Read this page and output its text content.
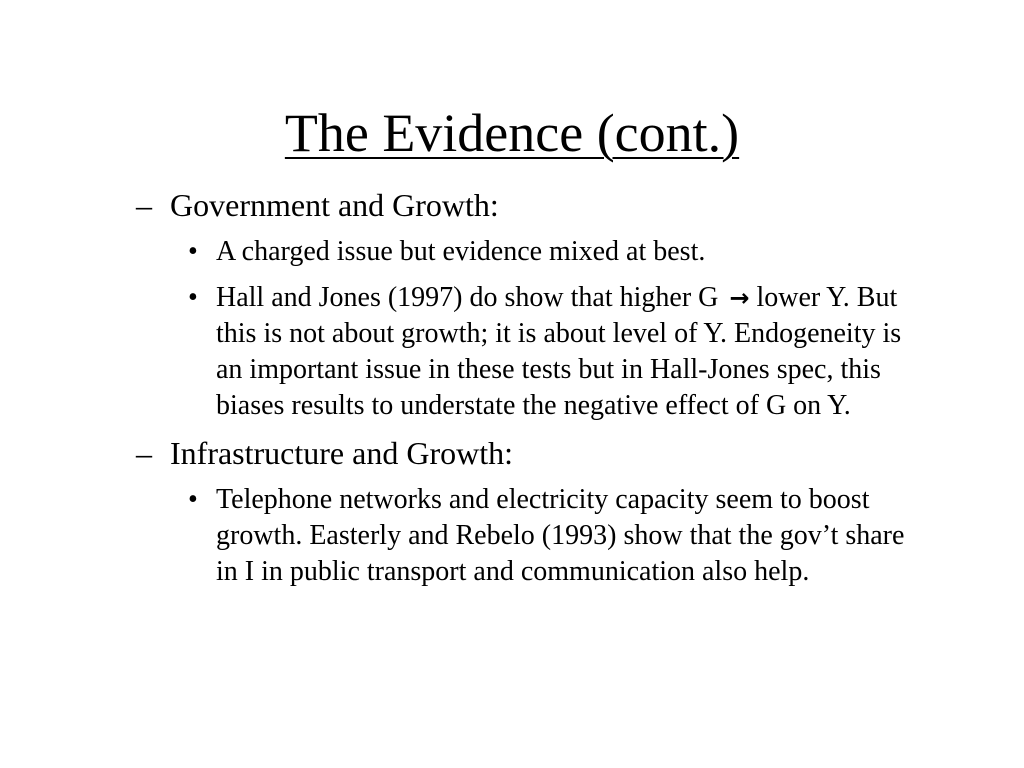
The Evidence (cont.)
– Government and Growth:
• A charged issue but evidence mixed at best.
• Hall and Jones (1997) do show that higher G → lower Y. But this is not about growth; it is about level of Y. Endogeneity is an important issue in these tests but in Hall-Jones spec, this biases results to understate the negative effect of G on Y.
– Infrastructure and Growth:
• Telephone networks and electricity capacity seem to boost growth. Easterly and Rebelo (1993) show that the gov’t share in I in public transport and communication also help.
